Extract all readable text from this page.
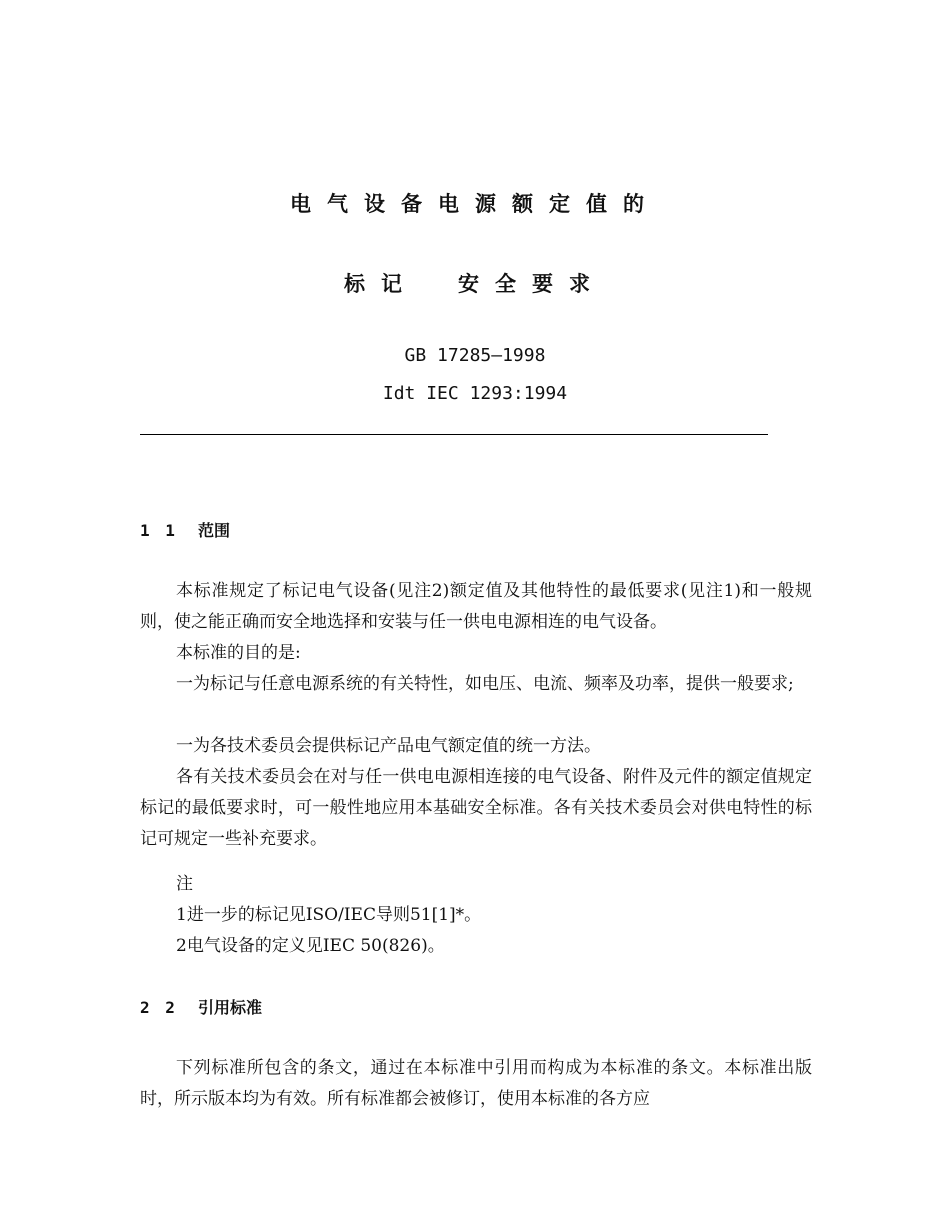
电气设备电源额定值的
标记 安全要求
GB 17285—1998
Idt IEC 1293:1994
1 1 范围

本标准规定了标记电气设备(见注2)额定值及其他特性的最低要求(见注1)和一般规则，使之能正确而安全地选择和安装与任一供电电源相连的电气设备。

本标准的目的是:

一为标记与任意电源系统的有关特性，如电压、电流、频率及功率，提供一般要求;

一为各技术委员会提供标记产品电气额定值的统一方法。

各有关技术委员会在对与任一供电电源相连接的电气设备、附件及元件的额定值规定标记的最低要求时，可一般性地应用本基础安全标准。各有关技术委员会对供电特性的标记可规定一些补充要求。

注

1进一步的标记见ISO/IEC导则51[1]*。

2电气设备的定义见IEC 50(826)。

2 2 引用标准

下列标准所包含的条文，通过在本标准中引用而构成为本标准的条文。本标准出版时，所示版本均为有效。所有标准都会被修订，使用本标准的各方应
